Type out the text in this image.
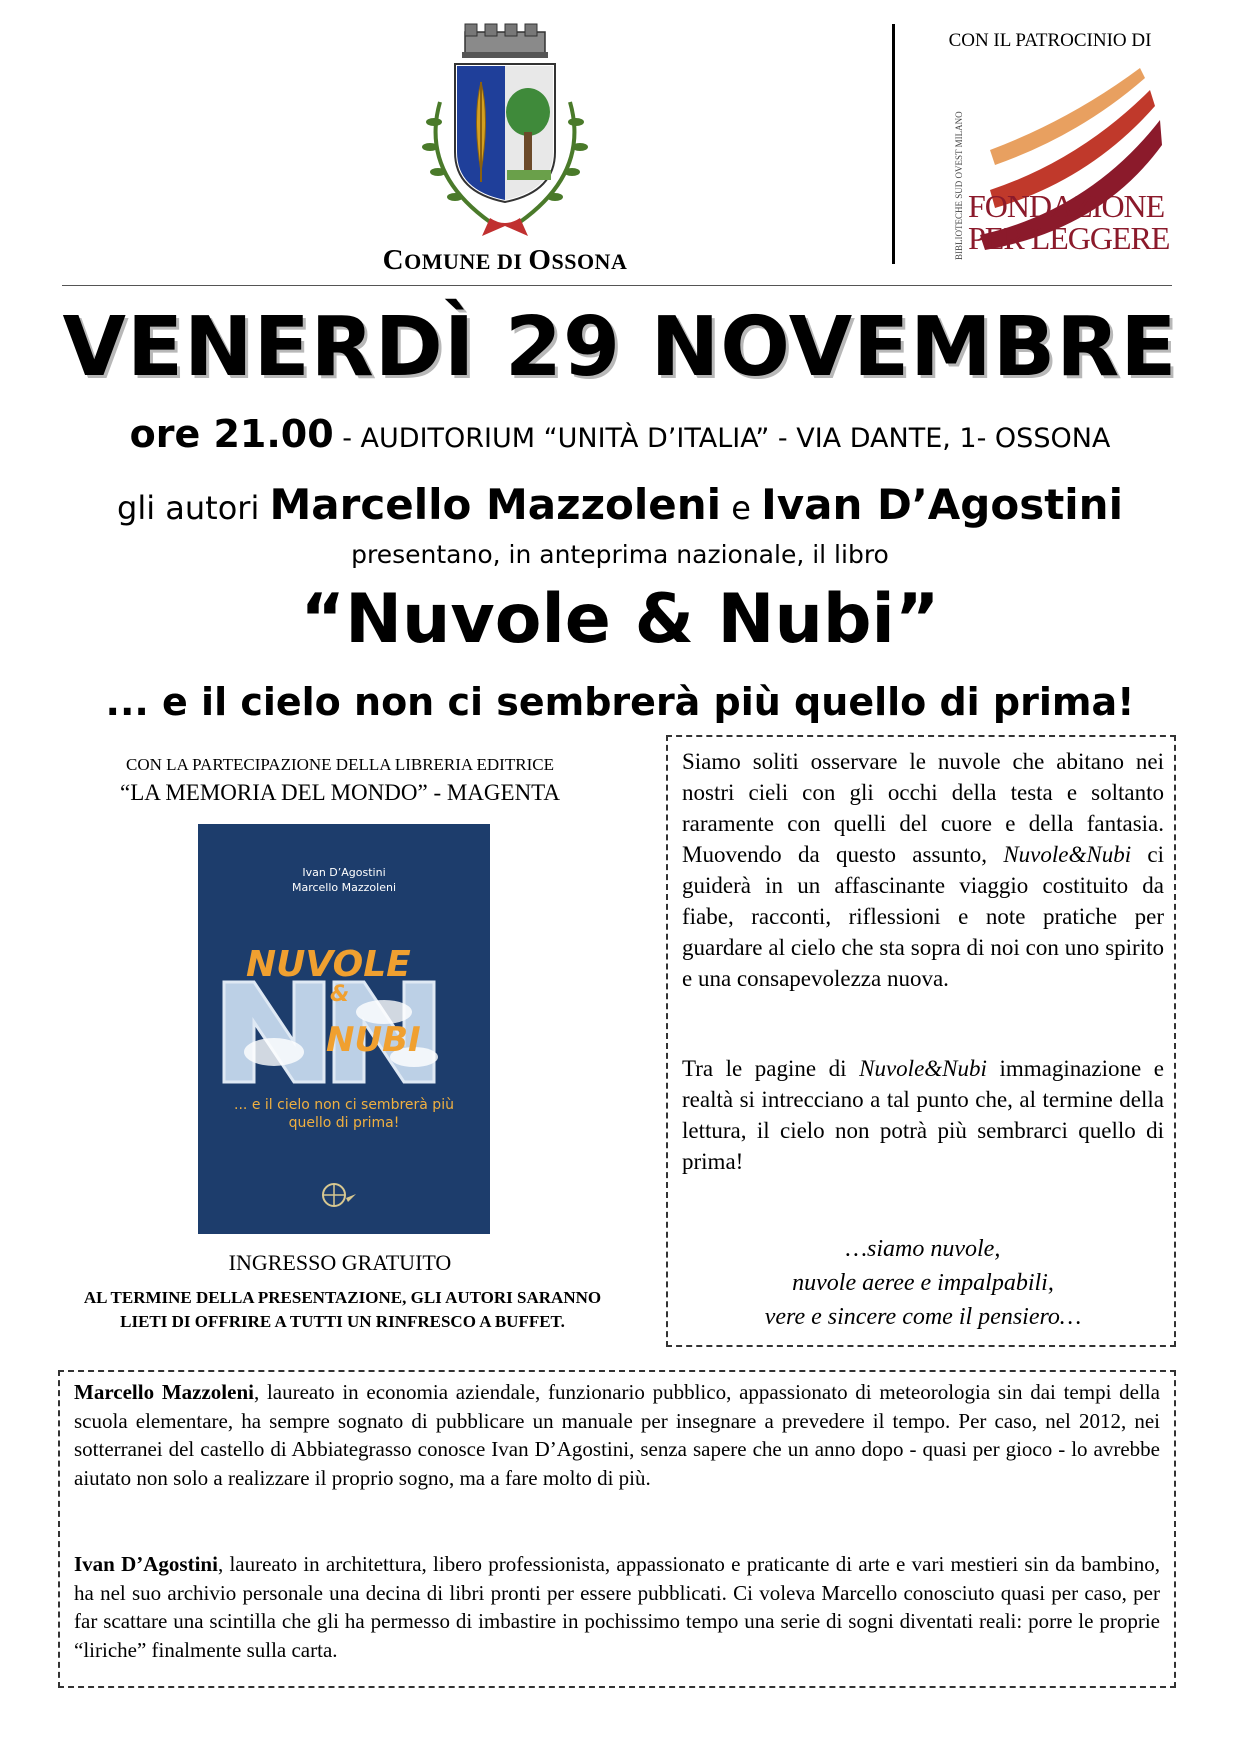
COMUNE DI OSSONA
CON IL PATROCINIO DI
BIBLIOTECHE SUD OVEST MILANO FONDAZIONE
PER LEGGERE
VENERDÌ 29 NOVEMBRE
ore 21.00 - AUDITORIUM “UNITÀ D’ITALIA” - VIA DANTE, 1- OSSONA
gli autori Marcello Mazzoleni e Ivan D’Agostini
presentano, in anteprima nazionale, il libro
“Nuvole & Nubi”
... e il cielo non ci sembrerà più quello di prima!
CON LA PARTECIPAZIONE DELLA LIBRERIA EDITRICE
“LA MEMORIA DEL MONDO” - MAGENTA
Ivan D’Agostini
Marcello Mazzoleni
NUVOLE
&
NUBI
... e il cielo non ci sembrerà più
quello di prima!
INGRESSO GRATUITO
AL TERMINE DELLA PRESENTAZIONE, GLI AUTORI SARANNO
LIETI DI OFFRIRE A TUTTI UN RINFRESCO A BUFFET.
Siamo soliti osservare le nuvole che abitano nei nostri cieli con gli occhi della testa e soltanto raramente con quelli del cuore e della fantasia. Muovendo da questo assunto, Nuvole&Nubi ci guiderà in un affascinante viaggio costituito da fiabe, racconti, riflessioni e note pratiche per guardare al cielo che sta sopra di noi con uno spirito e una consapevolezza nuova.
Tra le pagine di Nuvole&Nubi immaginazione e realtà si intrecciano a tal punto che, al termine della lettura, il cielo non potrà più sembrarci quello di prima!
…siamo nuvole,
nuvole aeree e impalpabili,
vere e sincere come il pensiero…
Marcello Mazzoleni, laureato in economia aziendale, funzionario pubblico, appassionato di meteorologia sin dai tempi della scuola elementare, ha sempre sognato di pubblicare un manuale per insegnare a prevedere il tempo. Per caso, nel 2012, nei sotterranei del castello di Abbiategrasso conosce Ivan D’Agostini, senza sapere che un anno dopo - quasi per gioco - lo avrebbe aiutato non solo a realizzare il proprio sogno, ma a fare molto di più.
Ivan D’Agostini, laureato in architettura, libero professionista, appassionato e praticante di arte e vari mestieri sin da bambino, ha nel suo archivio personale una decina di libri pronti per essere pubblicati. Ci voleva Marcello conosciuto quasi per caso, per far scattare una scintilla che gli ha permesso di imbastire in pochissimo tempo una serie di sogni diventati reali: porre le proprie “liriche” finalmente sulla carta.
